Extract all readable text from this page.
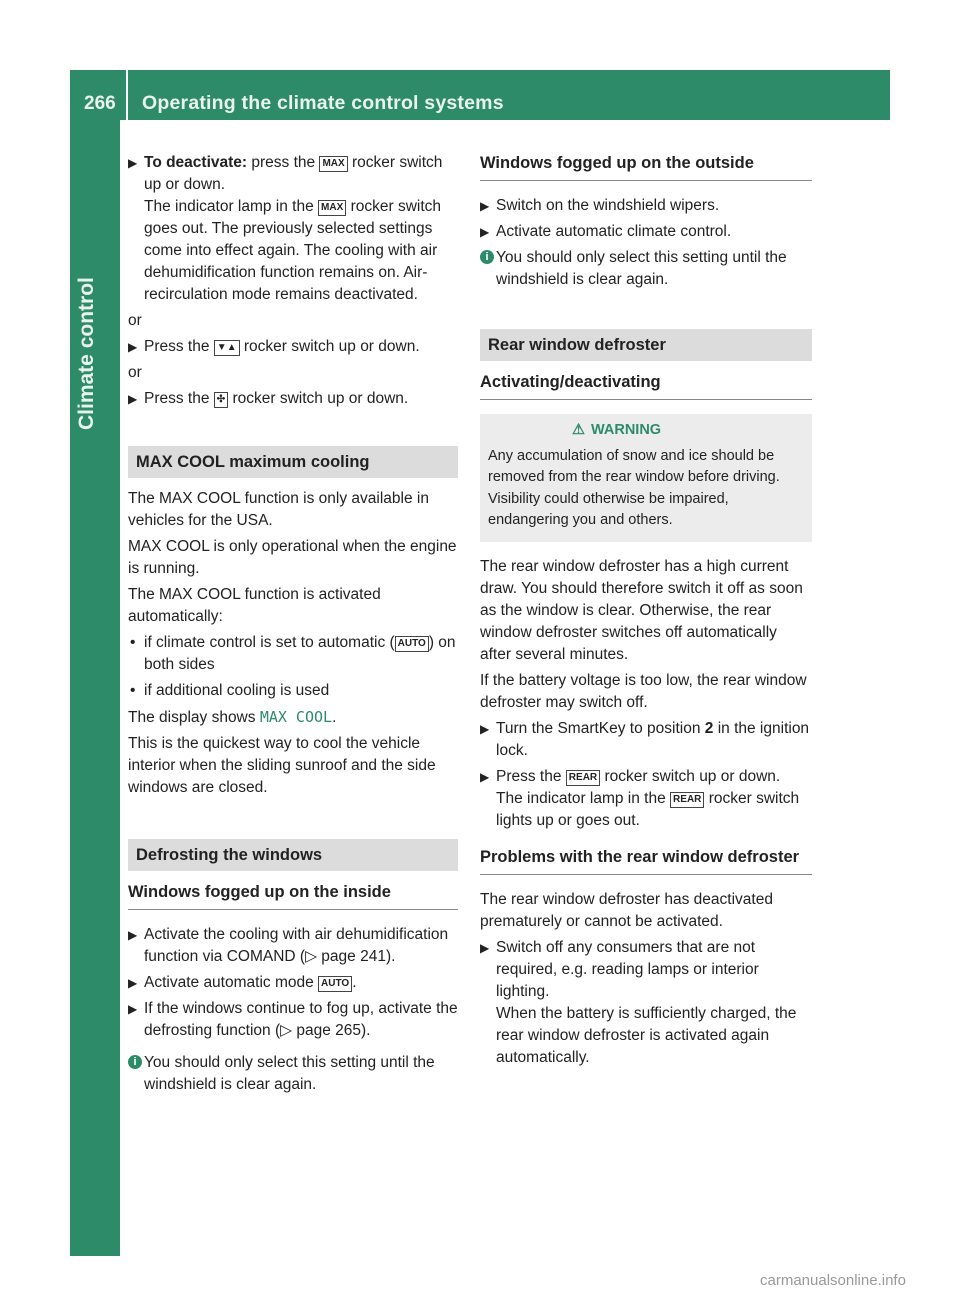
266 Operating the climate control systems
Climate control
▶ To deactivate: press the MAX rocker switch up or down.
The indicator lamp in the MAX rocker switch goes out. The previously selected settings come into effect again. The cooling with air dehumidification function remains on. Air-recirculation mode remains deactivated.

or

▶ Press the ▼▲ rocker switch up or down.

or

▶ Press the ✣ rocker switch up or down.

MAX COOL maximum cooling

The MAX COOL function is only available in vehicles for the USA.

MAX COOL is only operational when the engine is running.

The MAX COOL function is activated automatically:

• if climate control is set to automatic ( AUTO ) on both sides

• if additional cooling is used

The display shows MAX COOL.

This is the quickest way to cool the vehicle interior when the sliding sunroof and the side windows are closed.

Defrosting the windows
Windows fogged up on the inside
▶ Activate the cooling with air dehumidification function via COMAND (▷ page 241).

▶ Activate automatic mode AUTO .

▶ If the windows continue to fog up, activate the defrosting function (▷ page 265).

i You should only select this setting until the windshield is clear again.

Windows fogged up on the outside
▶ Switch on the windshield wipers.

▶ Activate automatic climate control.

i You should only select this setting until the windshield is clear again.

Rear window defroster
Activating/deactivating
⚠ WARNING

Any accumulation of snow and ice should be removed from the rear window before driving. Visibility could otherwise be impaired, endangering you and others.

The rear window defroster has a high current draw. You should therefore switch it off as soon as the window is clear. Otherwise, the rear window defroster switches off automatically after several minutes.

If the battery voltage is too low, the rear window defroster may switch off.

▶ Turn the SmartKey to position 2 in the ignition lock.

▶ Press the REAR rocker switch up or down.
The indicator lamp in the REAR rocker switch lights up or goes out.

Problems with the rear window defroster

The rear window defroster has deactivated prematurely or cannot be activated.

▶ Switch off any consumers that are not required, e.g. reading lamps or interior lighting.
When the battery is sufficiently charged, the rear window defroster is activated again automatically.

carmanualsonline.info
